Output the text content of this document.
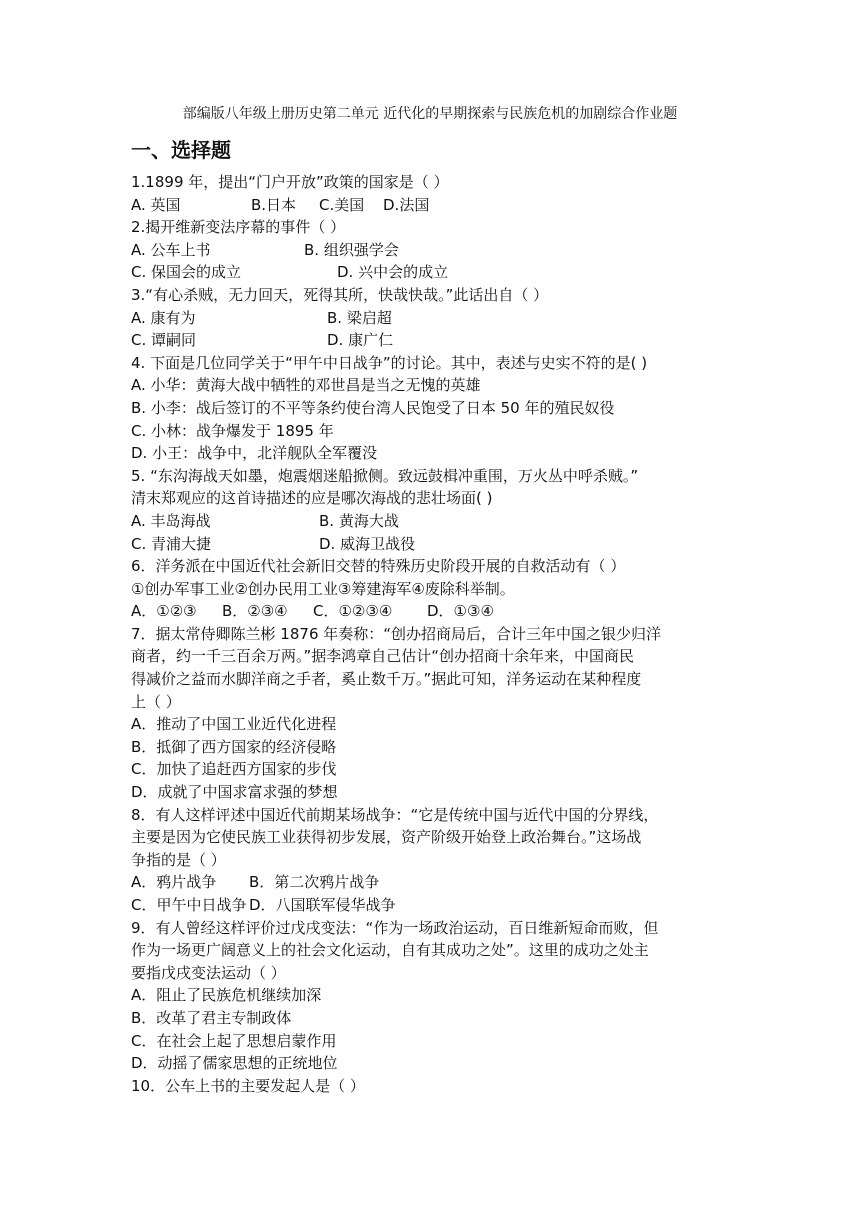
部编版八年级上册历史第二单元 近代化的早期探索与民族危机的加剧综合作业题
一、选择题
1.1899 年，提出“门户开放”政策的国家是（ ）
A. 英国	B.日本	C.美国	D.法国
2.揭开维新变法序幕的事件（ ）
A. 公车上书	B. 组织强学会
C. 保国会的成立	D. 兴中会的成立
3.“有心杀贼，无力回天，死得其所，快哉快哉。”此话出自（ ）
A. 康有为	B. 梁启超
C. 谭嗣同	D. 康广仁
4. 下面是几位同学关于“甲午中日战争”的讨论。其中，表述与史实不符的是( )
A. 小华：黄海大战中牺牲的邓世昌是当之无愧的英雄
B. 小李：战后签订的不平等条约使台湾人民饱受了日本 50 年的殖民奴役
C. 小林：战争爆发于 1895 年
D. 小王：战争中，北洋舰队全军覆没
5. “东沟海战天如墨，炮震烟迷船掀侧。致远鼓楫冲重围，万火丛中呼杀贼。”
清末郑观应的这首诗描述的应是哪次海战的悲壮场面( )
A. 丰岛海战	B. 黄海大战
C. 青浦大捷	D. 威海卫战役
6．洋务派在中国近代社会新旧交替的特殊历史阶段开展的自救活动有（ ）
①创办军事工业②创办民用工业③筹建海军④废除科举制。
A．①②③	B．②③④	C．①②③④	D．①③④
7．据太常侍卿陈兰彬 1876 年奏称：“创办招商局后，合计三年中国之银少归洋
商者，约一千三百余万两。”据李鸿章自己估计“创办招商十余年来，中国商民
得减价之益而水脚洋商之手者，奚止数千万。”据此可知，洋务运动在某种程度
上（ ）
A．推动了中国工业近代化进程
B．抵御了西方国家的经济侵略
C．加快了追赶西方国家的步伐
D．成就了中国求富求强的梦想
8．有人这样评述中国近代前期某场战争：“它是传统中国与近代中国的分界线，
主要是因为它使民族工业获得初步发展，资产阶级开始登上政治舞台。”这场战
争指的是（ ）
A．鸦片战争	B．第二次鸦片战争
C．甲午中日战争 D．八国联军侵华战争
9．有人曾经这样评价过戊戌变法：“作为一场政治运动，百日维新短命而败，但
作为一场更广阔意义上的社会文化运动，自有其成功之处”。这里的成功之处主
要指戊戌变法运动（ ）
A．阻止了民族危机继续加深
B．改革了君主专制政体
C．在社会上起了思想启蒙作用
D．动摇了儒家思想的正统地位
10．公车上书的主要发起人是（ ）
